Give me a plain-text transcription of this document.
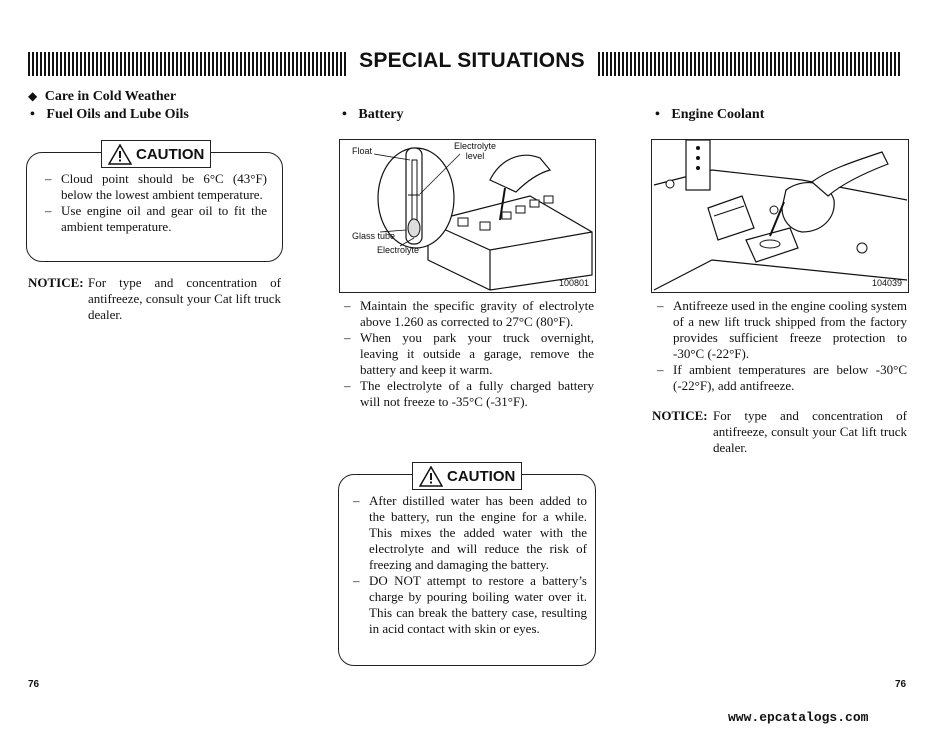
SPECIAL SITUATIONS
◆ Care in Cold Weather
• Fuel Oils and Lube Oils
– Cloud point should be 6°C (43°F) below the lowest ambient temperature.
– Use engine oil and gear oil to fit the ambient temperature.
CAUTION
NOTICE: For type and concentration of antifreeze, consult your Cat lift truck dealer.
• Battery
Float	Electrolyte level
Glass tube
Electrolyte
100801
– Maintain the specific gravity of electrolyte above 1.260 as corrected to 27°C (80°F).
– When you park your truck overnight, leaving it outside a garage, remove the battery and keep it warm.
– The electrolyte of a fully charged battery will not freeze to -35°C (-31°F).
– After distilled water has been added to the battery, run the engine for a while. This mixes the added water with the electrolyte and will reduce the risk of freezing and damaging the battery.
– DO NOT attempt to restore a battery’s charge by pouring boiling water over it. This can break the battery case, resulting in acid contact with skin or eyes.
CAUTION
• Engine Coolant
104039
– Antifreeze used in the engine cooling system of a new lift truck shipped from the factory provides sufficient freeze protection to -30°C (-22°F).
– If ambient temperatures are below -30°C (-22°F), add antifreeze.
NOTICE: For type and concentration of antifreeze, consult your Cat lift truck dealer.
76	76
www.epcatalogs.com
